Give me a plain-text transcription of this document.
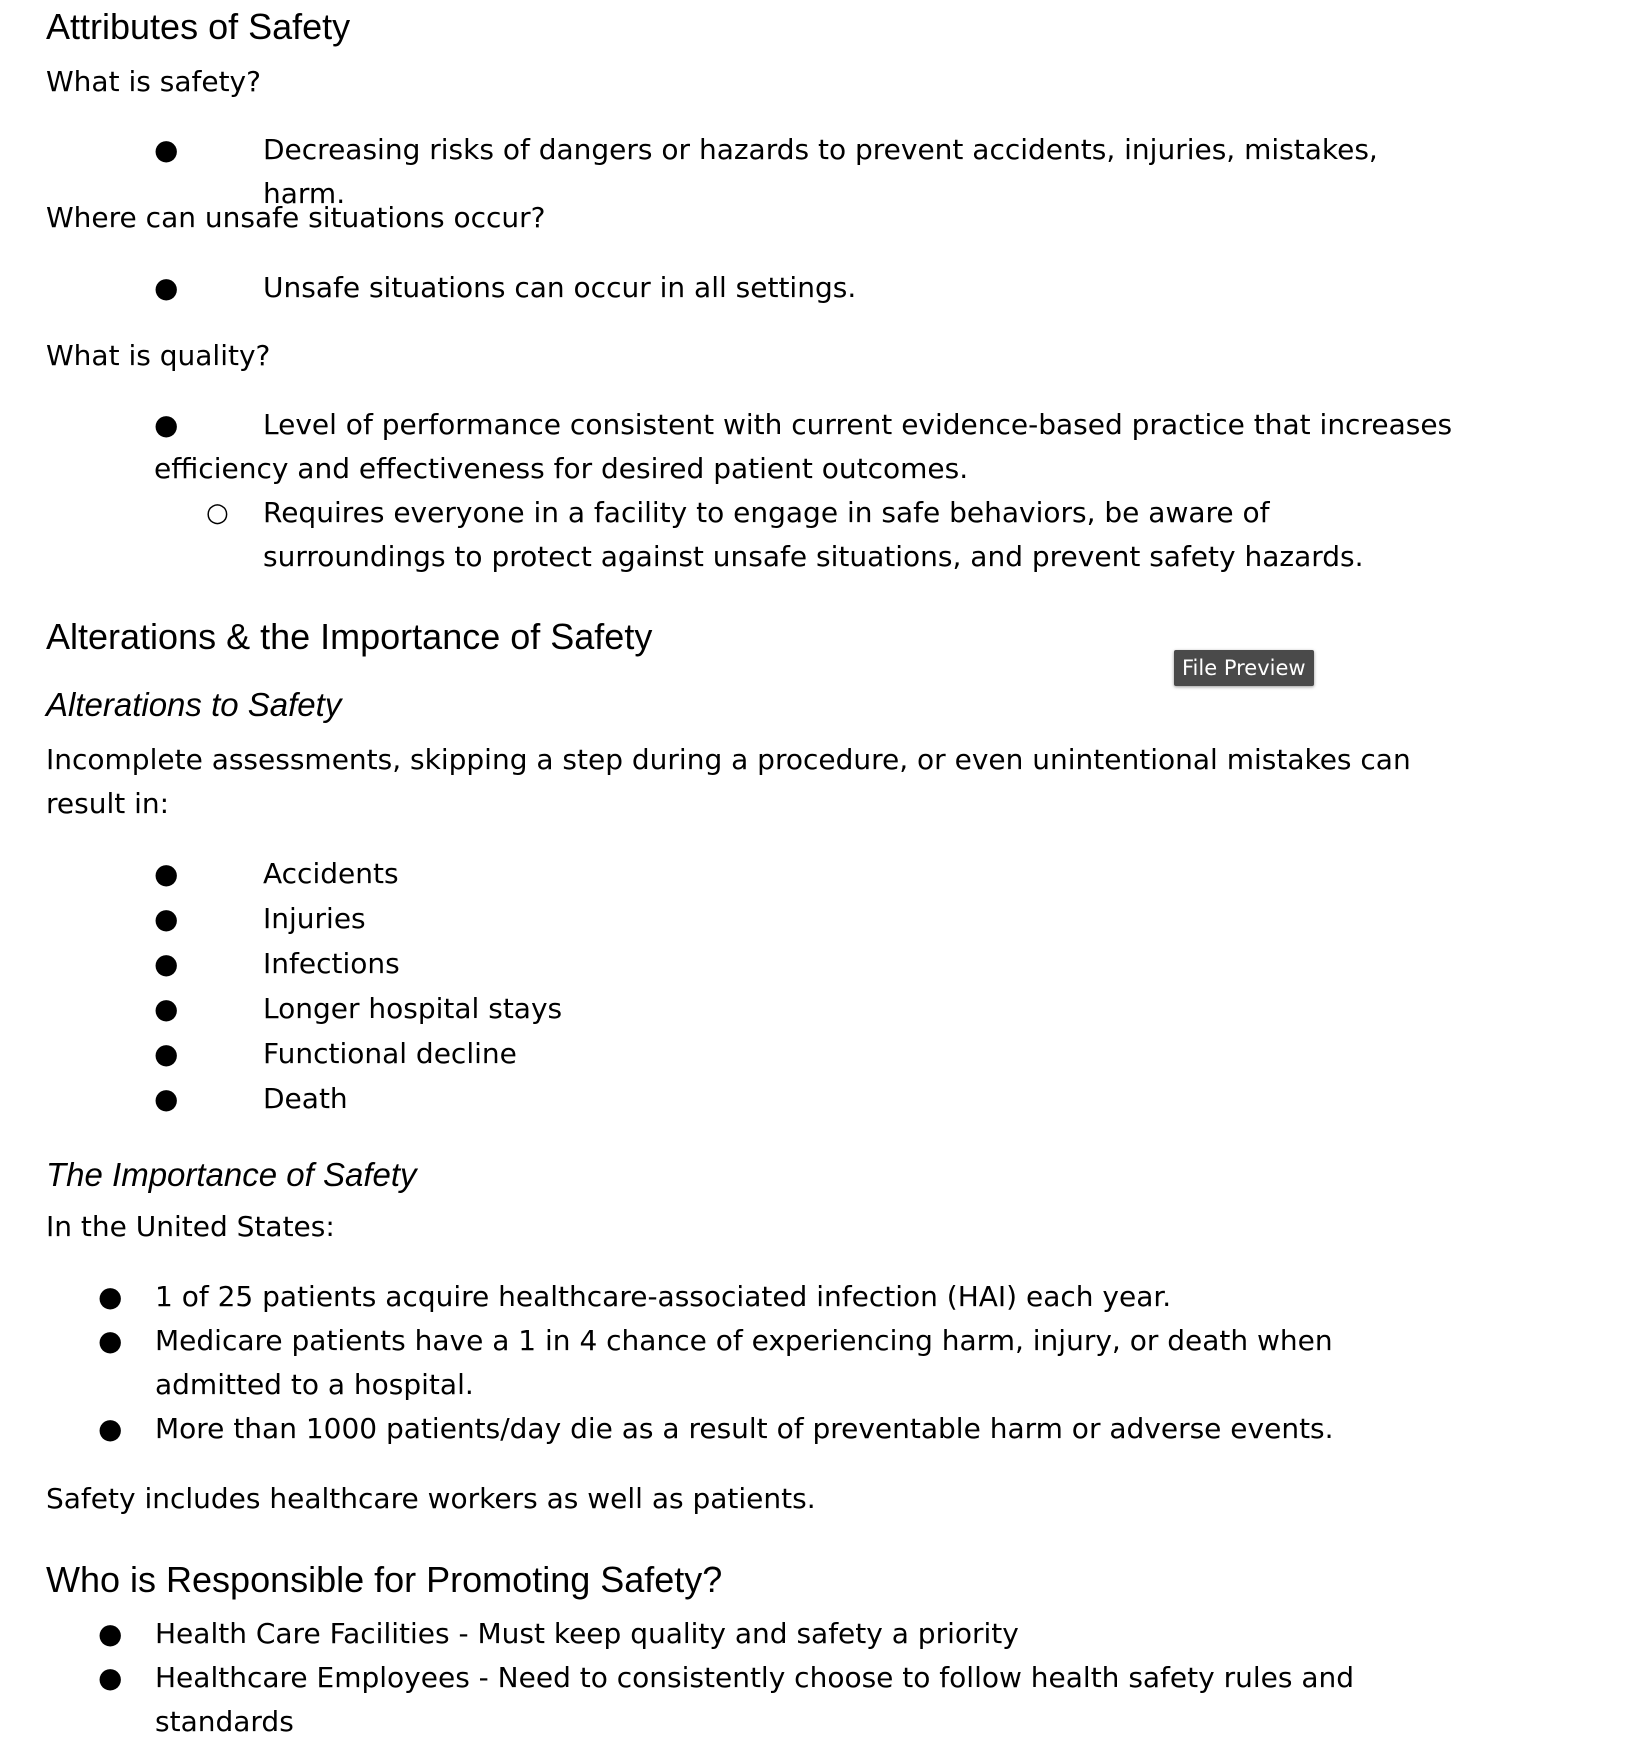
Attributes of Safety

What is safety?

●	Decreasing risks of dangers or hazards to prevent accidents, injuries, mistakes, harm.

Where can unsafe situations occur?

●	Unsafe situations can occur in all settings.

What is quality?

●	Level of performance consistent with current evidence-based practice that increases

efficiency and effectiveness for desired patient outcomes.
○ Requires everyone in a facility to engage in safe behaviors, be aware of surroundings to protect against unsafe situations, and prevent safety hazards.
Alterations & the Importance of Safety
Alterations to Safety

Incomplete assessments, skipping a step during a procedure, or even unintentional mistakes can result in:

●	Accidents
●	Injuries
●	Infections
●	Longer hospital stays
●	Functional decline
●	Death
The Importance of Safety

In the United States:

● 1 of 25 patients acquire healthcare-associated infection (HAI) each year.
● Medicare patients have a 1 in 4 chance of experiencing harm, injury, or death when admitted to a hospital.
● More than 1000 patients/day die as a result of preventable harm or adverse events.

Safety includes healthcare workers as well as patients.

Who is Responsible for Promoting Safety?
● Health Care Facilities - Must keep quality and safety a priority
● Healthcare Employees - Need to consistently choose to follow health safety rules and standards
File Preview
